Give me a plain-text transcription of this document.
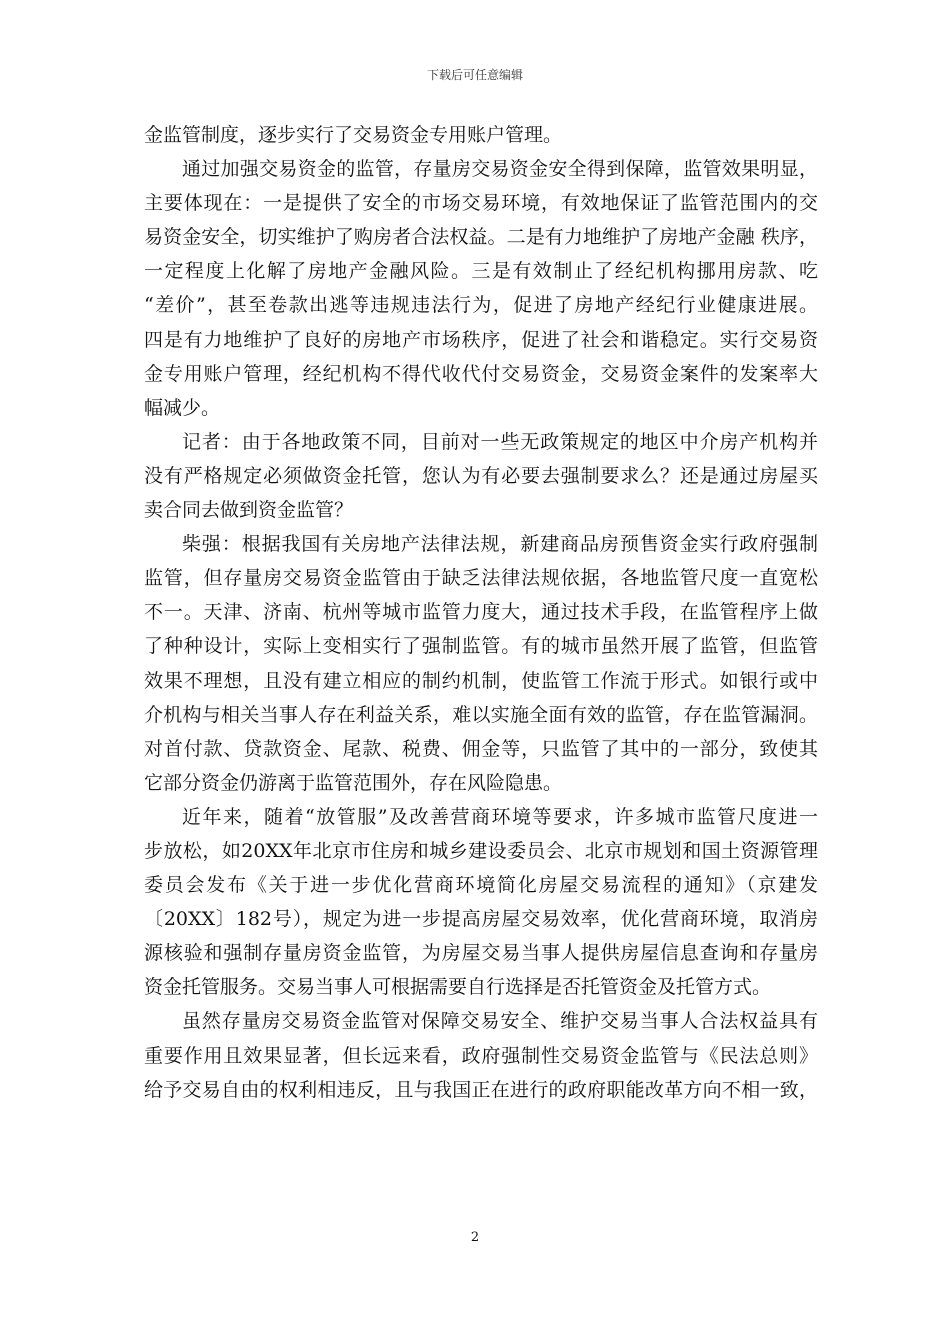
下载后可任意编辑
金监管制度，逐步实行了交易资金专用账户管理。
通过加强交易资金的监管，存量房交易资金安全得到保障，监管效果明显，
主要体现在：一是提供了安全的市场交易环境，有效地保证了监管范围内的交
易资金安全，切实维护了购房者合法权益。二是有力地维护了房地产金融 秩序，
一定程度上化解了房地产金融风险。三是有效制止了经纪机构挪用房款、吃
“差价”，甚至卷款出逃等违规违法行为，促进了房地产经纪行业健康进展。
四是有力地维护了良好的房地产市场秩序，促进了社会和谐稳定。实行交易资
金专用账户管理，经纪机构不得代收代付交易资金，交易资金案件的发案率大
幅减少。
记者：由于各地政策不同，目前对一些无政策规定的地区中介房产机构并
没有严格规定必须做资金托管，您认为有必要去强制要求么？还是通过房屋买
卖合同去做到资金监管？
柴强：根据我国有关房地产法律法规，新建商品房预售资金实行政府强制
监管，但存量房交易资金监管由于缺乏法律法规依据，各地监管尺度一直宽松
不一。天津、济南、杭州等城市监管力度大，通过技术手段，在监管程序上做
了种种设计，实际上变相实行了强制监管。有的城市虽然开展了监管，但监管
效果不理想，且没有建立相应的制约机制，使监管工作流于形式。如银行或中
介机构与相关当事人存在利益关系，难以实施全面有效的监管，存在监管漏洞。
对首付款、贷款资金、尾款、税费、佣金等，只监管了其中的一部分，致使其
它部分资金仍游离于监管范围外，存在风险隐患。
近年来，随着“放管服”及改善营商环境等要求，许多城市监管尺度进一
步放松，如20XX年北京市住房和城乡建设委员会、北京市规划和国土资源管理
委员会发布《关于进一步优化营商环境简化房屋交易流程的通知》（京建发
〔20XX〕182号），规定为进一步提高房屋交易效率，优化营商环境，取消房
源核验和强制存量房资金监管，为房屋交易当事人提供房屋信息查询和存量房
资金托管服务。交易当事人可根据需要自行选择是否托管资金及托管方式。
虽然存量房交易资金监管对保障交易安全、维护交易当事人合法权益具有
重要作用且效果显著，但长远来看，政府强制性交易资金监管与《民法总则》
给予交易自由的权利相违反，且与我国正在进行的政府职能改革方向不相一致，
2
